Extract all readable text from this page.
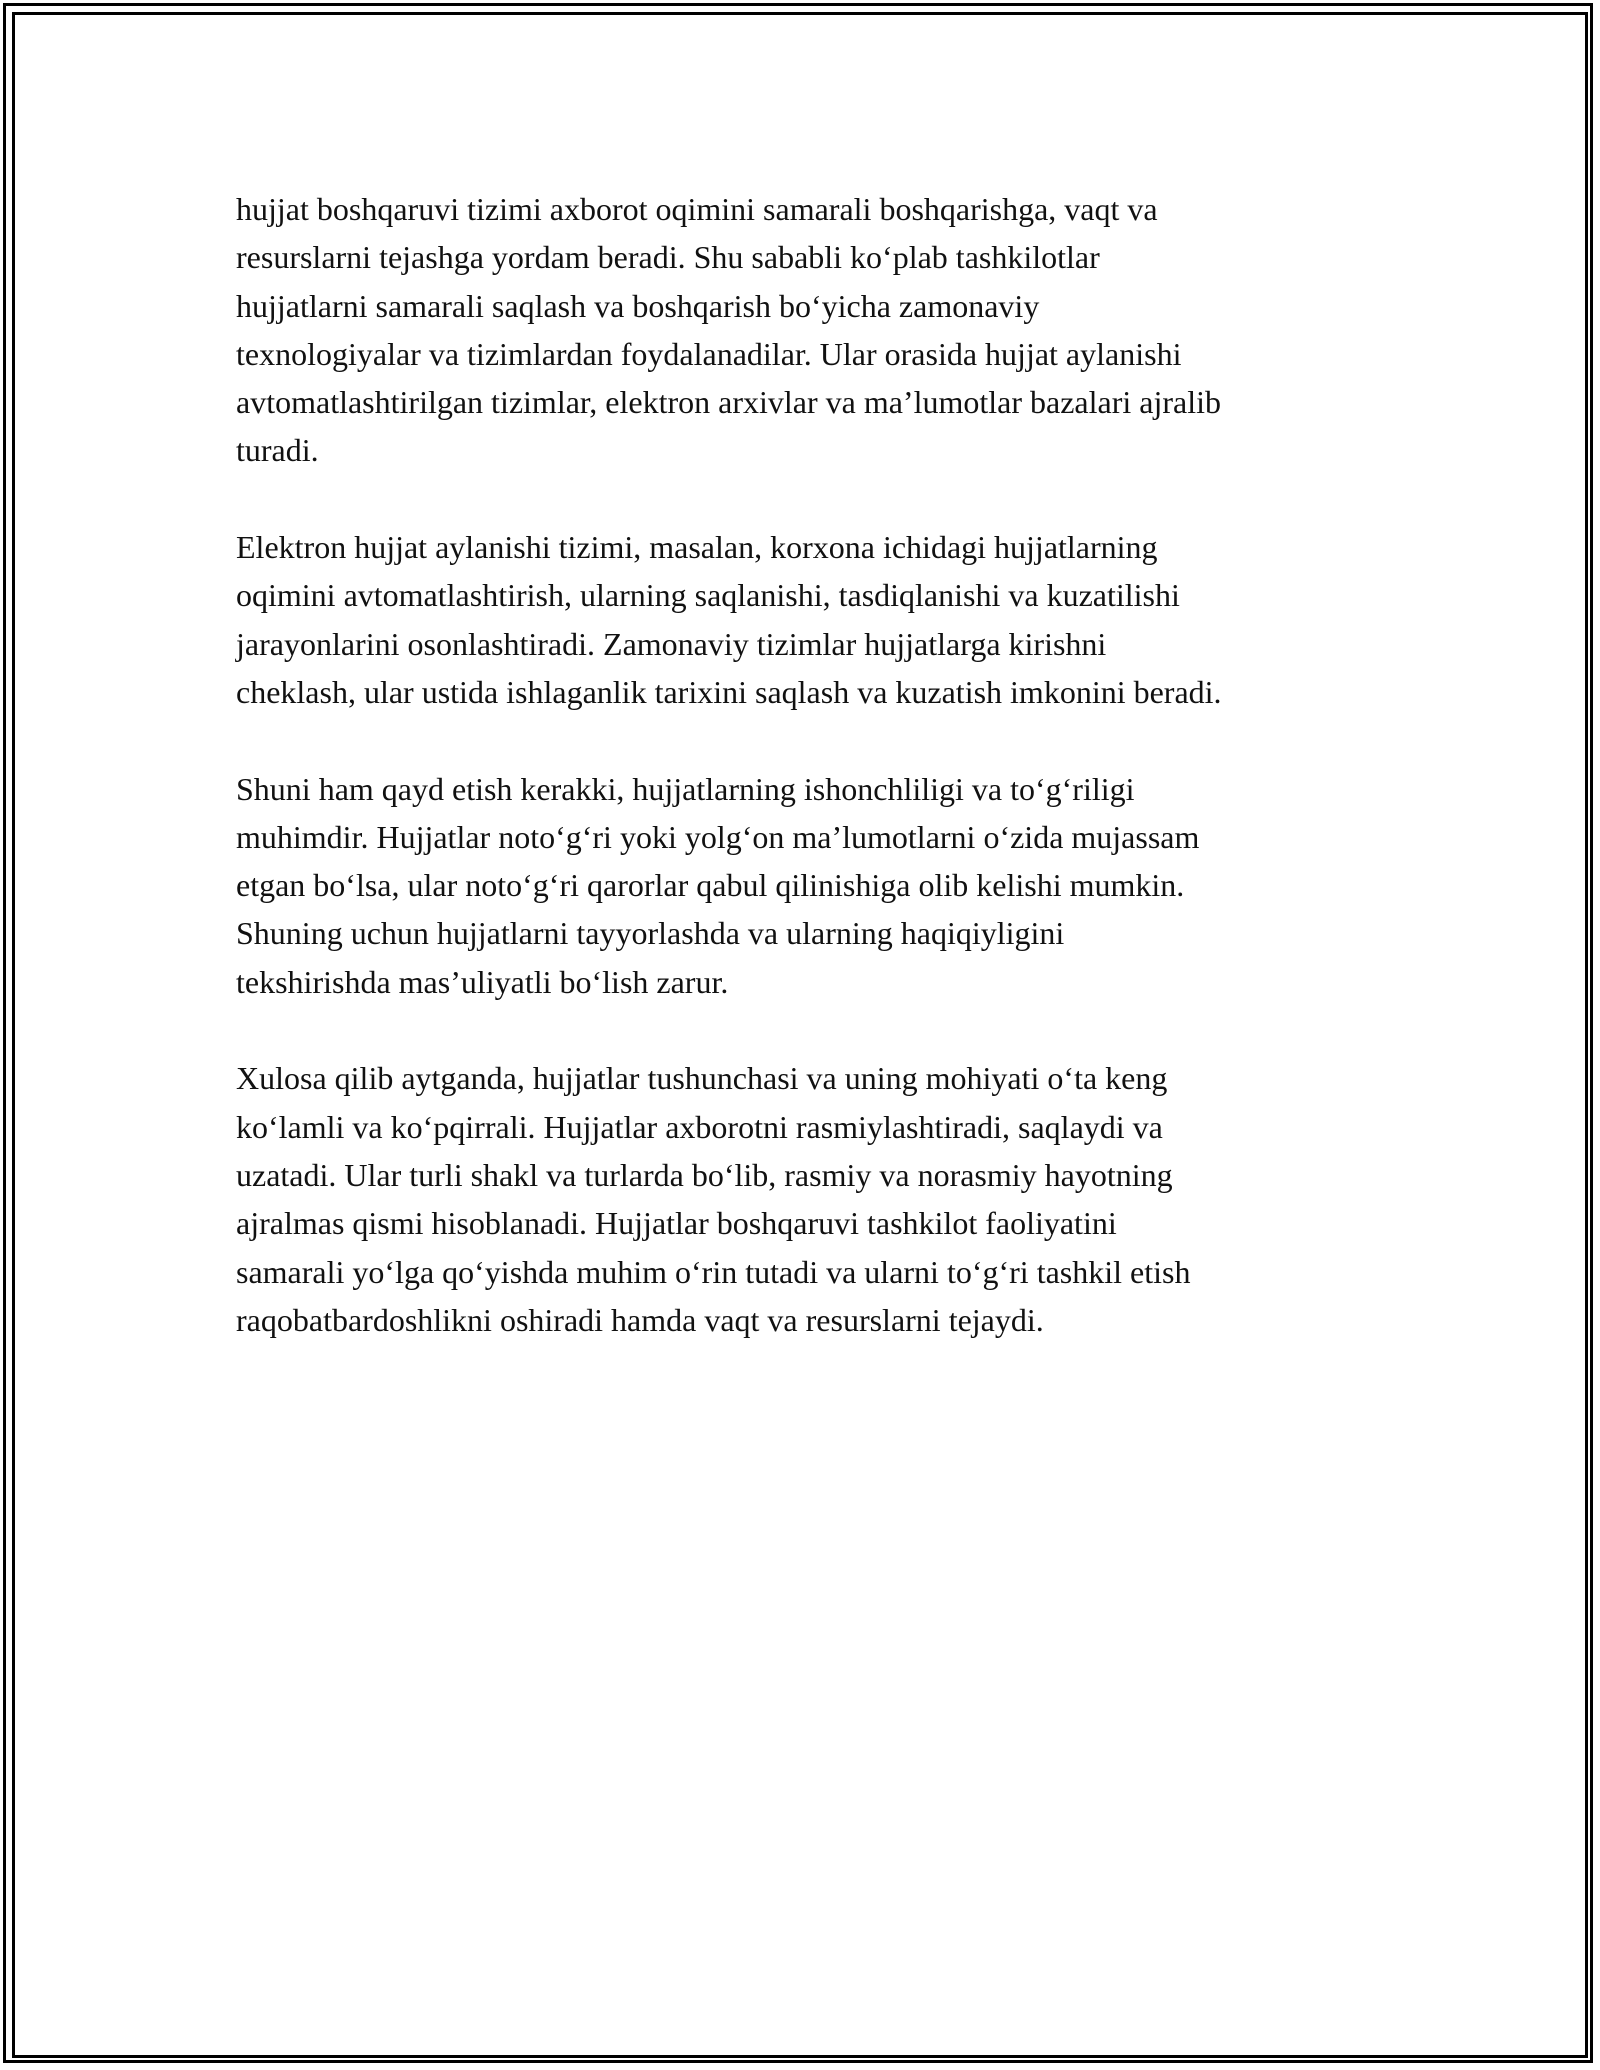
hujjat boshqaruvi tizimi axborot oqimini samarali boshqarishga, vaqt va
resurslarni tejashga yordam beradi. Shu sababli ko‘plab tashkilotlar
hujjatlarni samarali saqlash va boshqarish bo‘yicha zamonaviy
texnologiyalar va tizimlardan foydalanadilar. Ular orasida hujjat aylanishi
avtomatlashtirilgan tizimlar, elektron arxivlar va ma’lumotlar bazalari ajralib
turadi.

Elektron hujjat aylanishi tizimi, masalan, korxona ichidagi hujjatlarning
oqimini avtomatlashtirish, ularning saqlanishi, tasdiqlanishi va kuzatilishi
jarayonlarini osonlashtiradi. Zamonaviy tizimlar hujjatlarga kirishni
cheklash, ular ustida ishlaganlik tarixini saqlash va kuzatish imkonini beradi.

Shuni ham qayd etish kerakki, hujjatlarning ishonchliligi va to‘g‘riligi
muhimdir. Hujjatlar noto‘g‘ri yoki yolg‘on ma’lumotlarni o‘zida mujassam
etgan bo‘lsa, ular noto‘g‘ri qarorlar qabul qilinishiga olib kelishi mumkin.
Shuning uchun hujjatlarni tayyorlashda va ularning haqiqiyligini
tekshirishda mas’uliyatli bo‘lish zarur.

Xulosa qilib aytganda, hujjatlar tushunchasi va uning mohiyati o‘ta keng
ko‘lamli va ko‘pqirrali. Hujjatlar axborotni rasmiylashtiradi, saqlaydi va
uzatadi. Ular turli shakl va turlarda bo‘lib, rasmiy va norasmiy hayotning
ajralmas qismi hisoblanadi. Hujjatlar boshqaruvi tashkilot faoliyatini
samarali yo‘lga qo‘yishda muhim o‘rin tutadi va ularni to‘g‘ri tashkil etish
raqobatbardoshlikni oshiradi hamda vaqt va resurslarni tejaydi.
